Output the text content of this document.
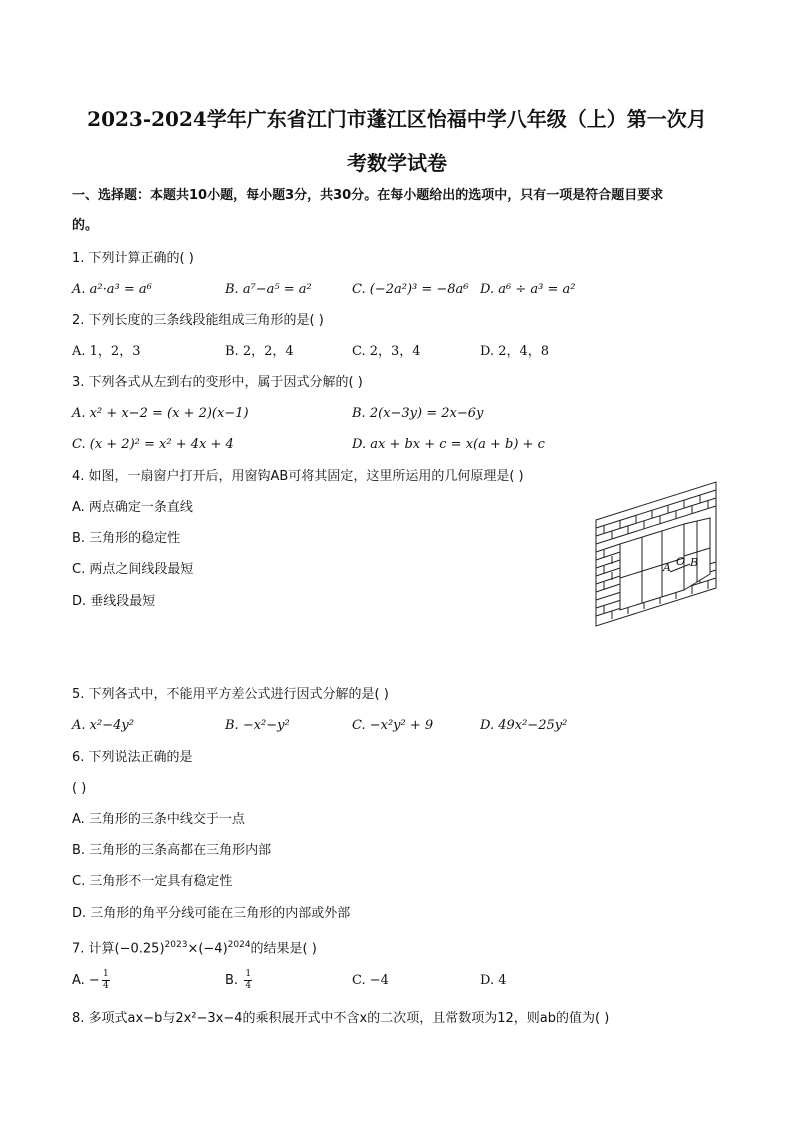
2023-2024学年广东省江门市蓬江区怡福中学八年级（上）第一次月
考数学试卷
一、选择题：本题共10小题，每小题3分，共30分。在每小题给出的选项中，只有一项是符合题目要求
的。
1. 下列计算正确的( )
A. a²·a³ = a⁶	B. a⁷−a⁵ = a²	C. (−2a²)³ = −8a⁶ D. a⁶ ÷ a³ = a²
2. 下列长度的三条线段能组成三角形的是( )
A. 1，2，3	B. 2，2，4	C. 2，3，4	D. 2，4，8
3. 下列各式从左到右的变形中，属于因式分解的( )
A. x² + x−2 = (x + 2)(x−1)	B. 2(x−3y) = 2x−6y
C. (x + 2)² = x² + 4x + 4	D. ax + bx + c = x(a + b) + c
4. 如图，一扇窗户打开后，用窗钩AB可将其固定，这里所运用的几何原理是( )
A. 两点确定一条直线
B. 三角形的稳定性
C. 两点之间线段最短
D. 垂线段最短
A O B
5. 下列各式中，不能用平方差公式进行因式分解的是( )
A. x²−4y²	B. −x²−y²	C. −x²y² + 9	D. 49x²−25y²
6. 下列说法正确的是
( )
A. 三角形的三条中线交于一点
B. 三角形的三条高都在三角形内部
C. 三角形不一定具有稳定性
D. 三角形的角平分线可能在三角形的内部或外部
7. 计算$(-0.25)^{2023}\times(-4)^{2024}$的结果是( )
A. − $\frac{1}{4}$	B. $\frac{1}{4}$	C. −4	D. 4
8. 多项式ax−b与2x²−3x−4的乘积展开式中不含x的二次项，且常数项为12，则ab的值为( )
